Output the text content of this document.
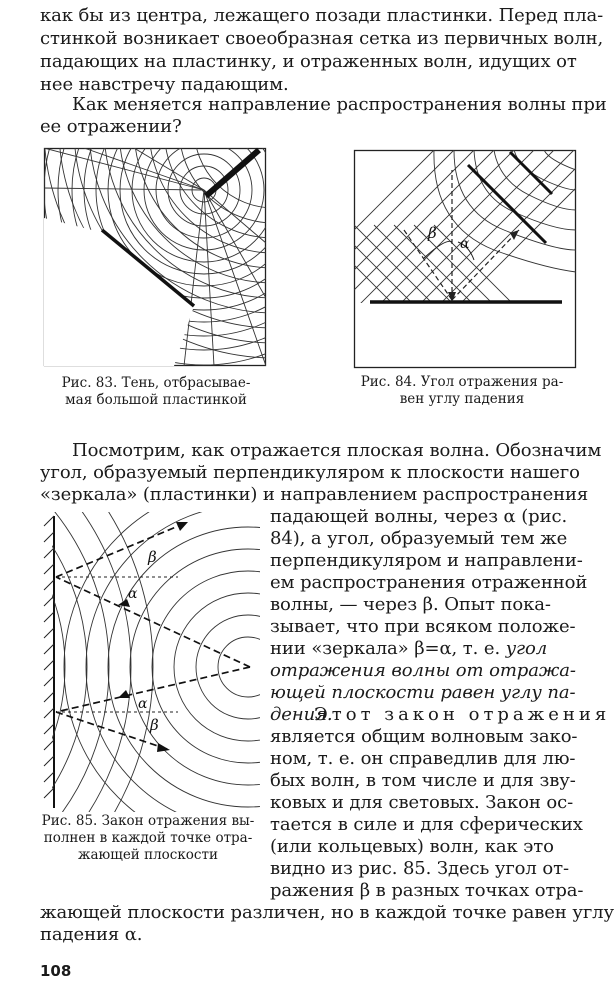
как бы из центра, лежащего позади пластинки. Перед пла-
стинкой возникает своеобразная сетка из первичных волн,
падающих на пластинку, и отраженных волн, идущих от
нее навстречу падающим.
Как меняется направление распространения волны при
ее отражении?
Рис. 83. Тень, отбрасывае-
мая большой пластинкой
β
α
Рис. 84. Угол отражения ра-
вен углу падения
Посмотрим, как отражается плоская волна. Обозначим
угол, образуемый перпендикуляром к плоскости нашего
«зеркала» (пластинки) и направлением распространения
падающей волны, через α (рис.
84), а угол, образуемый тем же
перпендикуляром и направлени-
ем распространения отраженной
волны, — через β. Опыт пока-
зывает, что при всяком положе-
нии «зеркала» β=α, т. е. угол
отражения волны от отража-
ющей плоскости равен углу па-
дения.
Этот закон отражения
является общим волновым зако-
ном, т. е. он справедлив для лю-
бых волн, в том числе и для зву-
ковых и для световых. Закон ос-
тается в силе и для сферических
(или кольцевых) волн, как это
видно из рис. 85. Здесь угол от-
ражения β в разных точках отра-
β
α
α
β
Рис. 85. Закон отражения вы-
полнен в каждой точке отра-
жающей плоскости
жающей плоскости различен, но в каждой точке равен углу
падения α.
108
